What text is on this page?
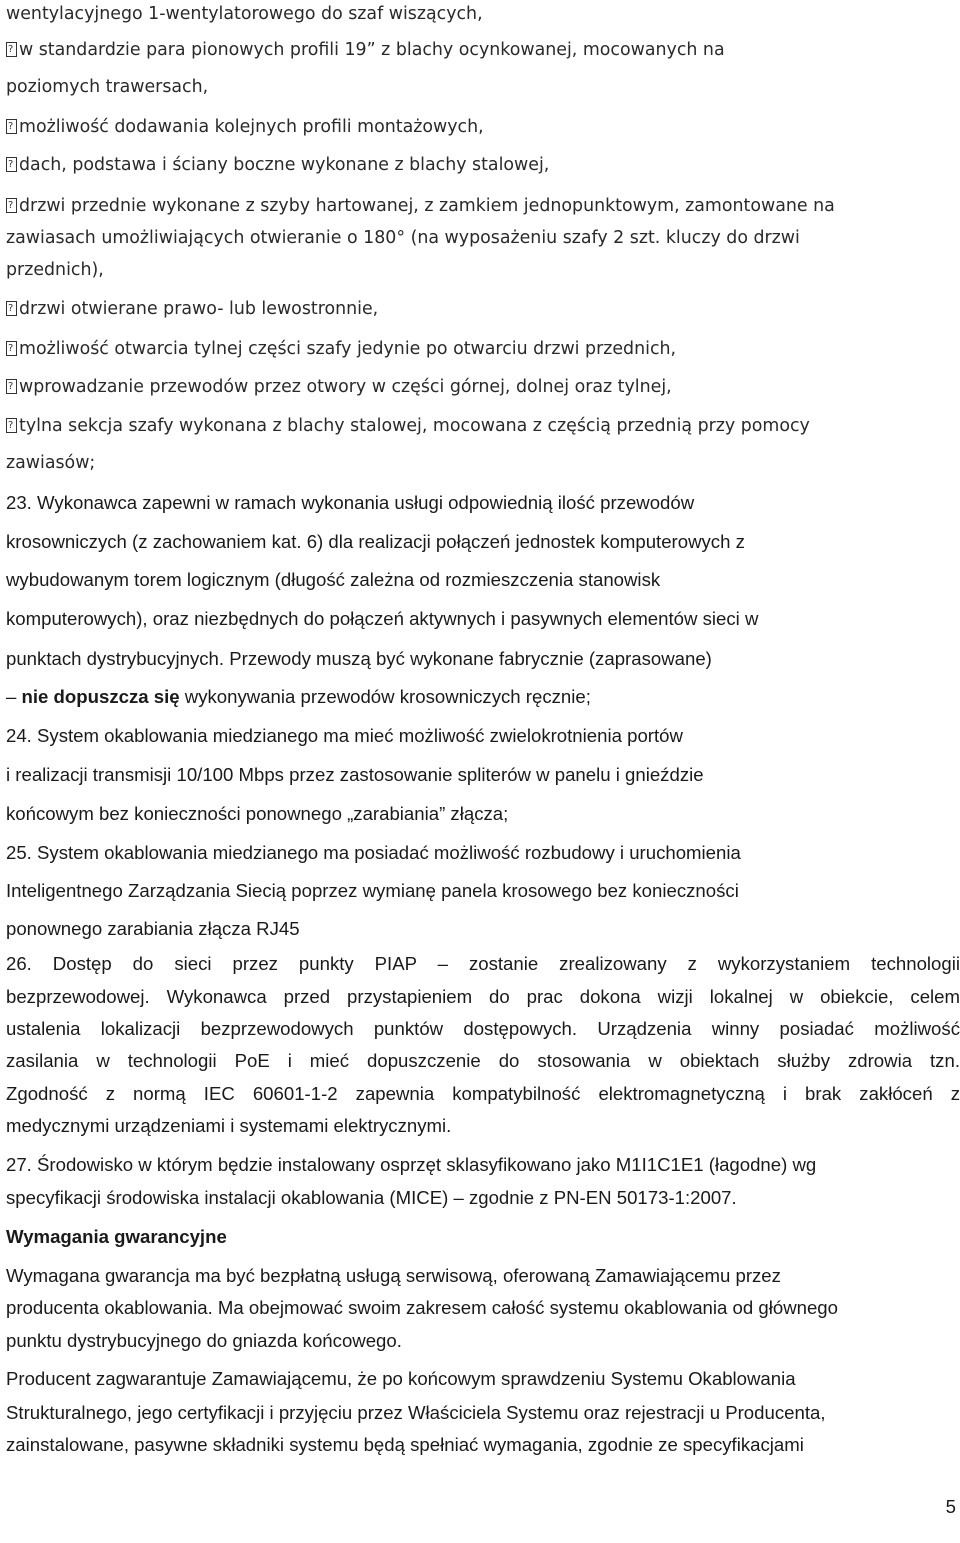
wentylacyjnego 1-wentylatorowego do szaf wiszących,
?w standardzie para pionowych profili 19” z blachy ocynkowanej, mocowanych na
poziomych trawersach,
?możliwość dodawania kolejnych profili montażowych,
?dach, podstawa i ściany boczne wykonane z blachy stalowej,
?drzwi przednie wykonane z szyby hartowanej, z zamkiem jednopunktowym, zamontowane na
zawiasach umożliwiających otwieranie o 180° (na wyposażeniu szafy 2 szt. kluczy do drzwi
przednich),
?drzwi otwierane prawo- lub lewostronnie,
?możliwość otwarcia tylnej części szafy jedynie po otwarciu drzwi przednich,
?wprowadzanie przewodów przez otwory w części górnej, dolnej oraz tylnej,
?tylna sekcja szafy wykonana z blachy stalowej, mocowana z częścią przednią przy pomocy
zawiasów;
23. Wykonawca zapewni w ramach wykonania usługi odpowiednią ilość przewodów
krosowniczych (z zachowaniem kat. 6) dla realizacji połączeń jednostek komputerowych z
wybudowanym torem logicznym (długość zależna od rozmieszczenia stanowisk
komputerowych), oraz niezbędnych do połączeń aktywnych i pasywnych elementów sieci w
punktach dystrybucyjnych. Przewody muszą być wykonane fabrycznie (zaprasowane)
– nie dopuszcza się wykonywania przewodów krosowniczych ręcznie;
24. System okablowania miedzianego ma mieć możliwość zwielokrotnienia portów
i realizacji transmisji 10/100 Mbps przez zastosowanie spliterów w panelu i gnieździe
końcowym bez konieczności ponownego „zarabiania” złącza;
25. System okablowania miedzianego ma posiadać możliwość rozbudowy i uruchomienia
Inteligentnego Zarządzania Siecią poprzez wymianę panela krosowego bez konieczności
ponownego zarabiania złącza RJ45
26. Dostęp do sieci przez punkty PIAP – zostanie zrealizowany z wykorzystaniem technologii
bezprzewodowej. Wykonawca przed przystapieniem do prac dokona wizji lokalnej w obiekcie, celem
ustalenia lokalizacji bezprzewodowych punktów dostępowych. Urządzenia winny posiadać możliwość
zasilania w technologii PoE i mieć dopuszczenie do stosowania w obiektach służby zdrowia tzn.
Zgodność z normą IEC 60601-1-2 zapewnia kompatybilność elektromagnetyczną i brak zakłóceń z
medycznymi urządzeniami i systemami elektrycznymi.
27. Środowisko w którym będzie instalowany osprzęt sklasyfikowano jako M1I1C1E1 (łagodne) wg
specyfikacji środowiska instalacji okablowania (MICE) – zgodnie z PN-EN 50173-1:2007.
Wymagania gwarancyjne
Wymagana gwarancja ma być bezpłatną usługą serwisową, oferowaną Zamawiającemu przez
producenta okablowania. Ma obejmować swoim zakresem całość systemu okablowania od głównego
punktu dystrybucyjnego do gniazda końcowego.
Producent zagwarantuje Zamawiającemu, że po końcowym sprawdzeniu Systemu Okablowania
Strukturalnego, jego certyfikacji i przyjęciu przez Właściciela Systemu oraz rejestracji u Producenta,
zainstalowane, pasywne składniki systemu będą spełniać wymagania, zgodnie ze specyfikacjami
5
